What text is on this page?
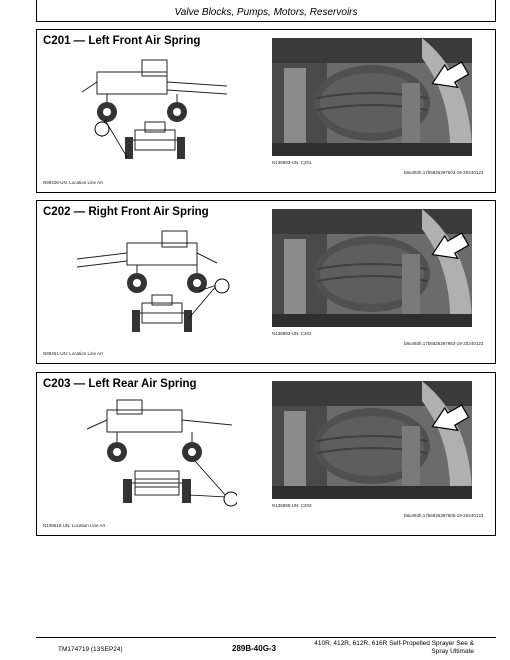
Valve Blocks, Pumps, Motors, Reservoirs
C201 — Left Front Air Spring
N99426-UN: Location Line Art
N136893-UN: C201
b8u493h,17b6826397603-19-20240123
C202 — Right Front Air Spring
N99451-UN: Location Line Art
N136893-UN: C202
b8u493h,17b6826397952-19-20240123
C203 — Left Rear Air Spring
N108610-UN: Location Line Art
N136895-UN: C203
b8u493h,17b6826397605-19-20240123
TM174719 (13SEP24)	289B-40G-3
410R, 412R, 612R, 616R Self-Propelled Sprayer See &
Spray Ultimate
